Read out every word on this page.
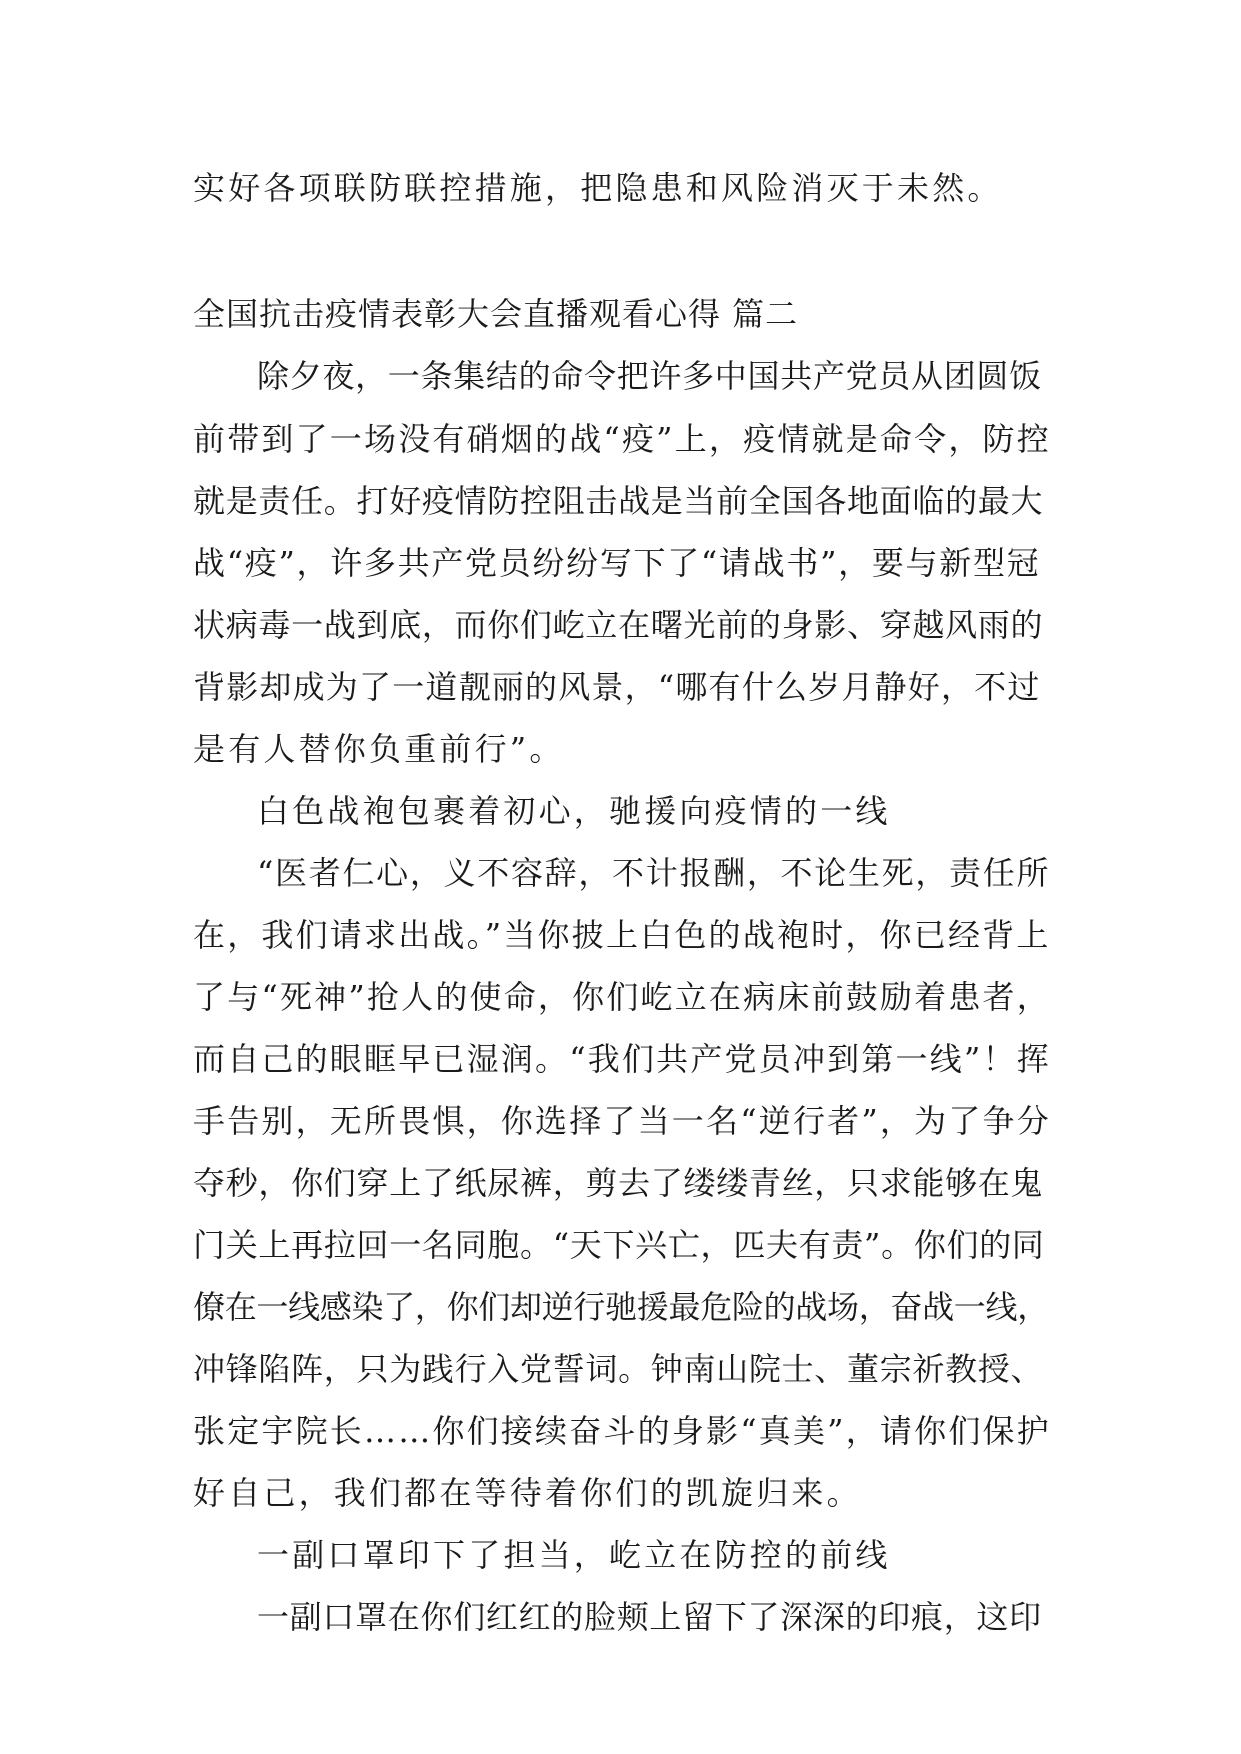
实好各项联防联控措施，把隐患和风险消灭于未然。
全国抗击疫情表彰大会直播观看心得 篇二
除夕夜，一条集结的命令把许多中国共产党员从团圆饭
前带到了一场没有硝烟的战“疫”上，疫情就是命令，防控
就是责任。打好疫情防控阻击战是当前全国各地面临的最大
战“疫”，许多共产党员纷纷写下了“请战书”，要与新型冠
状病毒一战到底，而你们屹立在曙光前的身影、穿越风雨的
背影却成为了一道靓丽的风景，“哪有什么岁月静好，不过
是有人替你负重前行”。
白色战袍包裹着初心，驰援向疫情的一线
“医者仁心，义不容辞，不计报酬，不论生死，责任所
在，我们请求出战。”当你披上白色的战袍时，你已经背上
了与“死神”抢人的使命，你们屹立在病床前鼓励着患者，
而自己的眼眶早已湿润。“我们共产党员冲到第一线”！挥
手告别，无所畏惧，你选择了当一名“逆行者”，为了争分
夺秒，你们穿上了纸尿裤，剪去了缕缕青丝，只求能够在鬼
门关上再拉回一名同胞。“天下兴亡，匹夫有责”。你们的同
僚在一线感染了，你们却逆行驰援最危险的战场，奋战一线，
冲锋陷阵，只为践行入党誓词。钟南山院士、董宗祈教授、
张定宇院长……你们接续奋斗的身影“真美”，请你们保护
好自己，我们都在等待着你们的凯旋归来。
一副口罩印下了担当，屹立在防控的前线
一副口罩在你们红红的脸颊上留下了深深的印痕，这印
